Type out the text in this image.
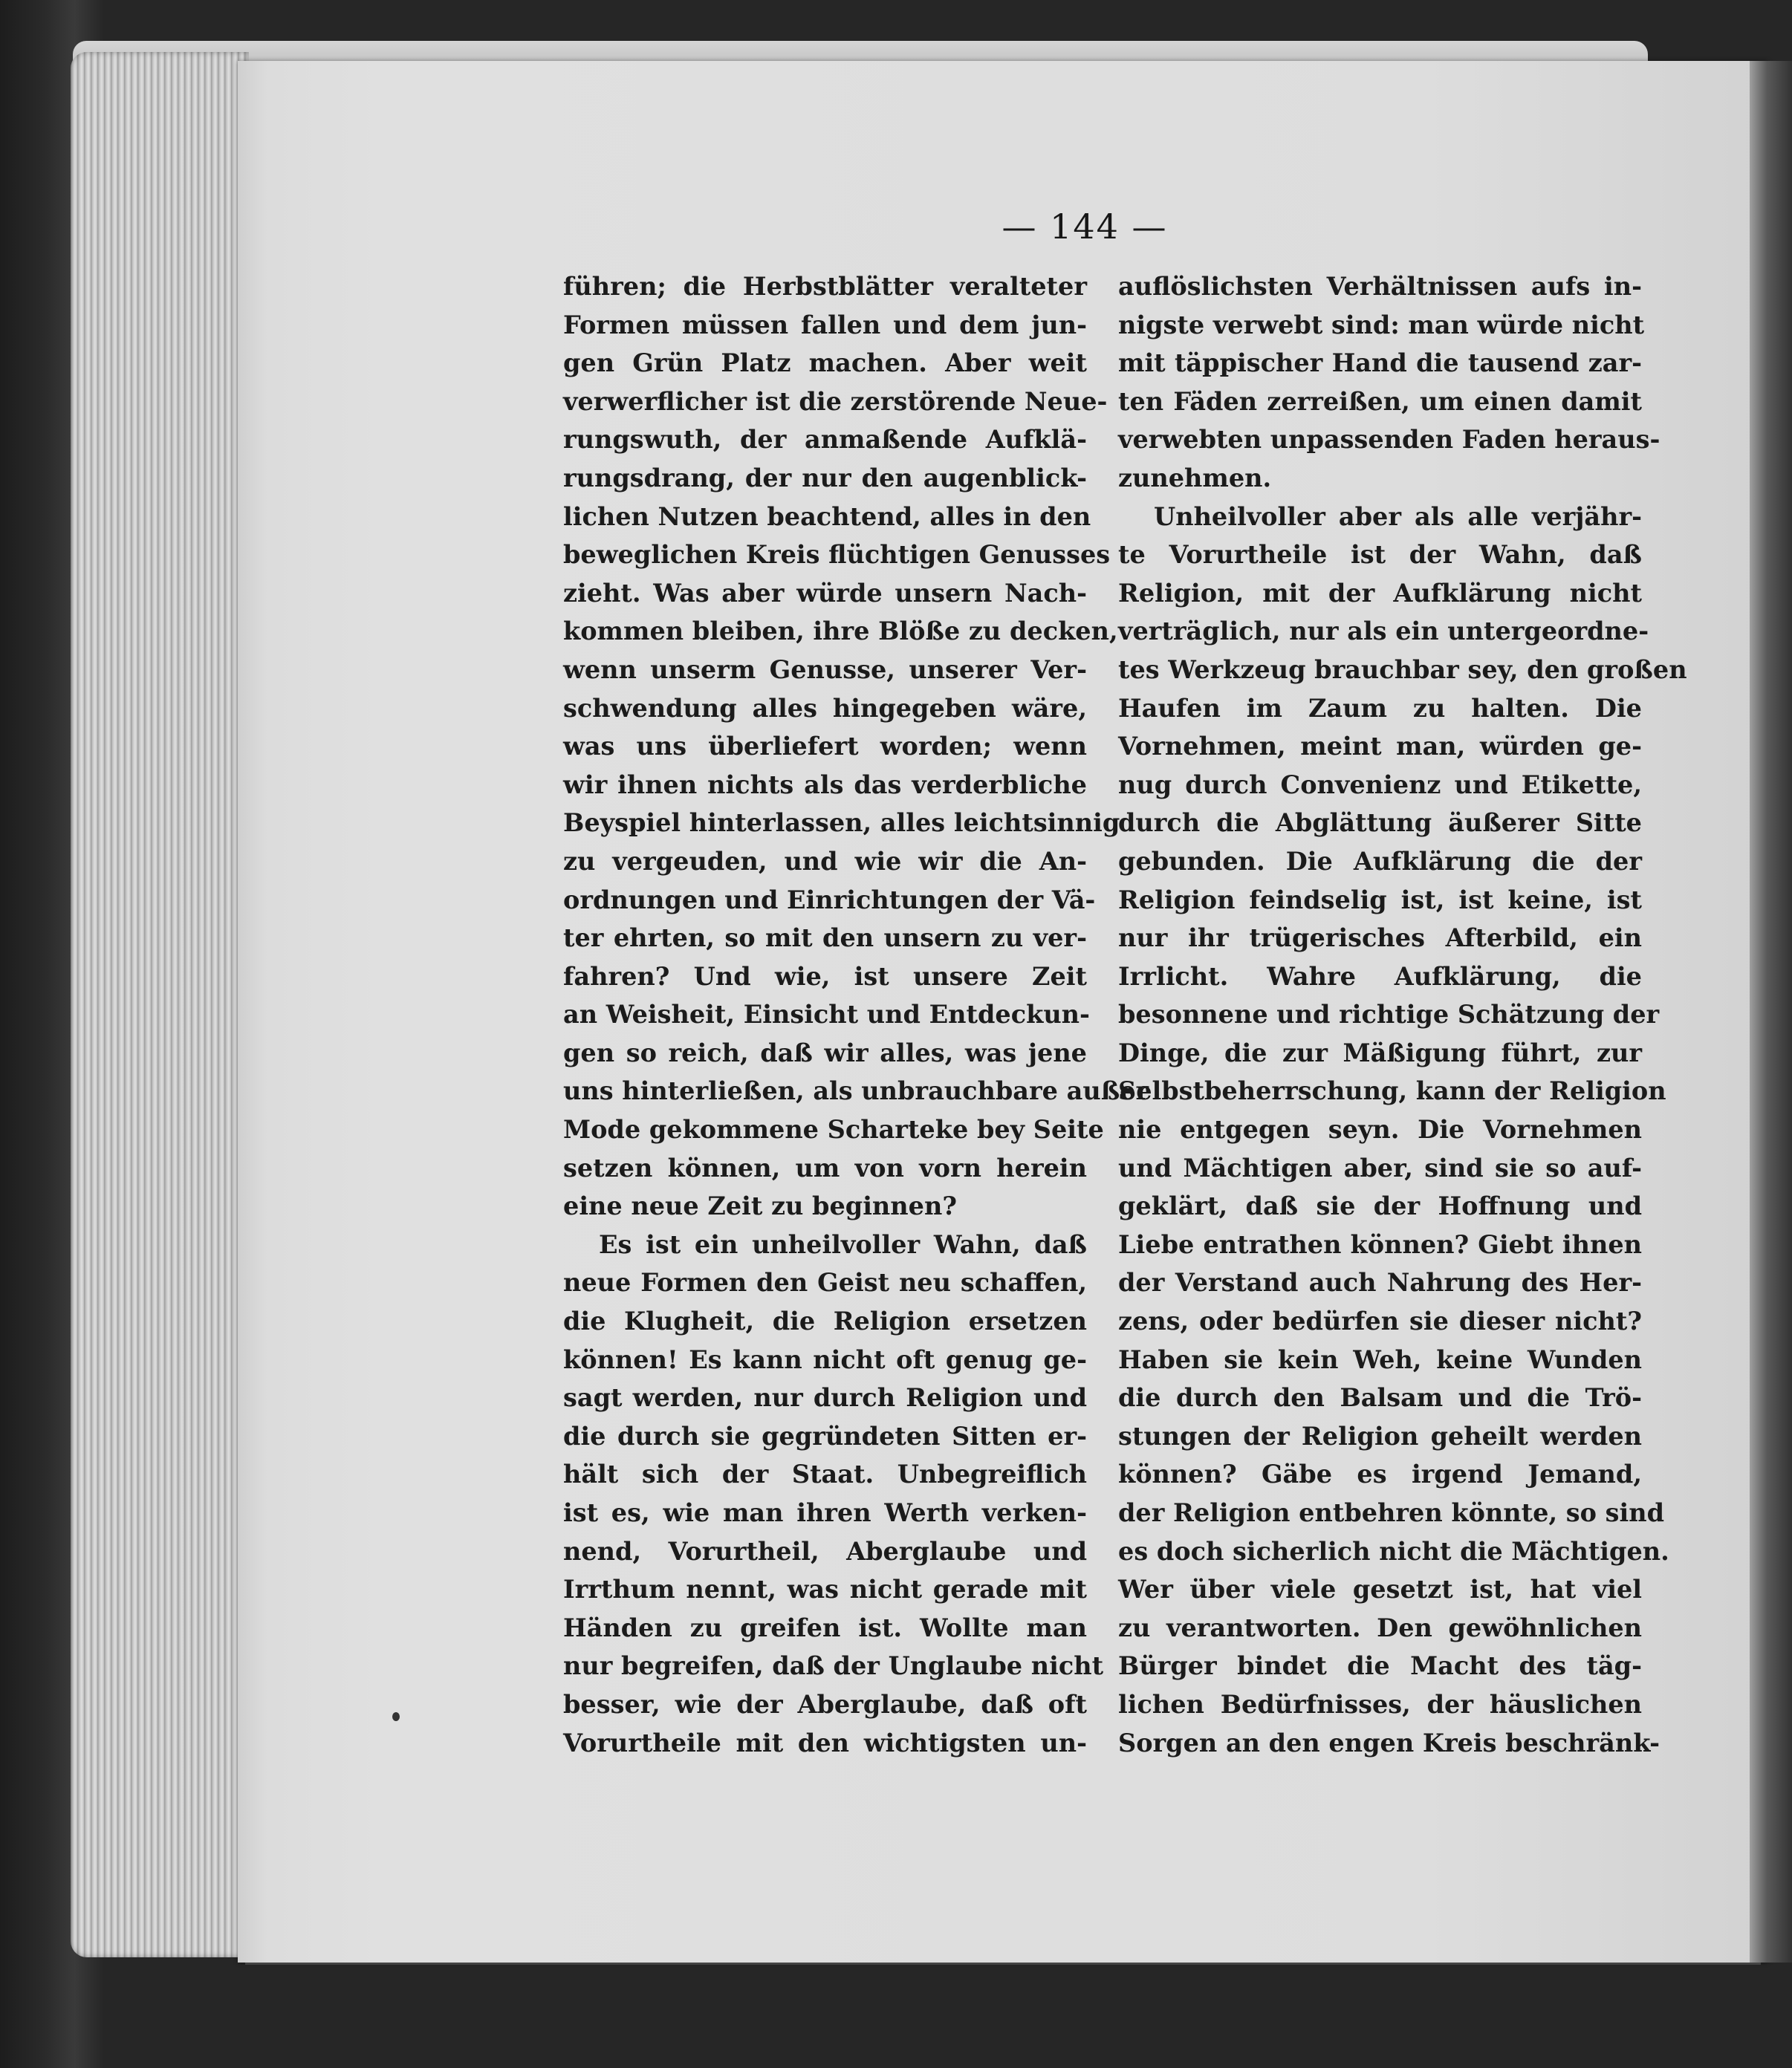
— 144 —
führen; die Herbstblätter veralteter
Formen müssen fallen und dem jun-
gen Grün Platz machen. Aber weit
verwerflicher ist die zerstörende Neue-
rungswuth, der anmaßende Aufklä-
rungsdrang, der nur den augenblick-
lichen Nutzen beachtend, alles in den
beweglichen Kreis flüchtigen Genusses
zieht. Was aber würde unsern Nach-
kommen bleiben, ihre Blöße zu decken,
wenn unserm Genusse, unserer Ver-
schwendung alles hingegeben wäre,
was uns überliefert worden; wenn
wir ihnen nichts als das verderbliche
Beyspiel hinterlassen, alles leichtsinnig
zu vergeuden, und wie wir die An-
ordnungen und Einrichtungen der Vä-
ter ehrten, so mit den unsern zu ver-
fahren? Und wie, ist unsere Zeit
an Weisheit, Einsicht und Entdeckun-
gen so reich, daß wir alles, was jene
uns hinterließen, als unbrauchbare außer
Mode gekommene Scharteke bey Seite
setzen können, um von vorn herein
eine neue Zeit zu beginnen?
Es ist ein unheilvoller Wahn, daß
neue Formen den Geist neu schaffen,
die Klugheit, die Religion ersetzen
können! Es kann nicht oft genug ge-
sagt werden, nur durch Religion und
die durch sie gegründeten Sitten er-
hält sich der Staat. Unbegreiflich
ist es, wie man ihren Werth verken-
nend, Vorurtheil, Aberglaube und
Irrthum nennt, was nicht gerade mit
Händen zu greifen ist. Wollte man
nur begreifen, daß der Unglaube nicht
besser, wie der Aberglaube, daß oft
Vorurtheile mit den wichtigsten un-
auflöslichsten Verhältnissen aufs in-
nigste verwebt sind: man würde nicht
mit täppischer Hand die tausend zar-
ten Fäden zerreißen, um einen damit
verwebten unpassenden Faden heraus-
zunehmen.
Unheilvoller aber als alle verjähr-
te Vorurtheile ist der Wahn, daß
Religion, mit der Aufklärung nicht
verträglich, nur als ein untergeordne-
tes Werkzeug brauchbar sey, den großen
Haufen im Zaum zu halten. Die
Vornehmen, meint man, würden ge-
nug durch Convenienz und Etikette,
durch die Abglättung äußerer Sitte
gebunden. Die Aufklärung die der
Religion feindselig ist, ist keine, ist
nur ihr trügerisches Afterbild, ein
Irrlicht. Wahre Aufklärung, die
besonnene und richtige Schätzung der
Dinge, die zur Mäßigung führt, zur
Selbstbeherrschung, kann der Religion
nie entgegen seyn. Die Vornehmen
und Mächtigen aber, sind sie so auf-
geklärt, daß sie der Hoffnung und
Liebe entrathen können? Giebt ihnen
der Verstand auch Nahrung des Her-
zens, oder bedürfen sie dieser nicht?
Haben sie kein Weh, keine Wunden
die durch den Balsam und die Trö-
stungen der Religion geheilt werden
können? Gäbe es irgend Jemand,
der Religion entbehren könnte, so sind
es doch sicherlich nicht die Mächtigen.
Wer über viele gesetzt ist, hat viel
zu verantworten. Den gewöhnlichen
Bürger bindet die Macht des täg-
lichen Bedürfnisses, der häuslichen
Sorgen an den engen Kreis beschränk-
